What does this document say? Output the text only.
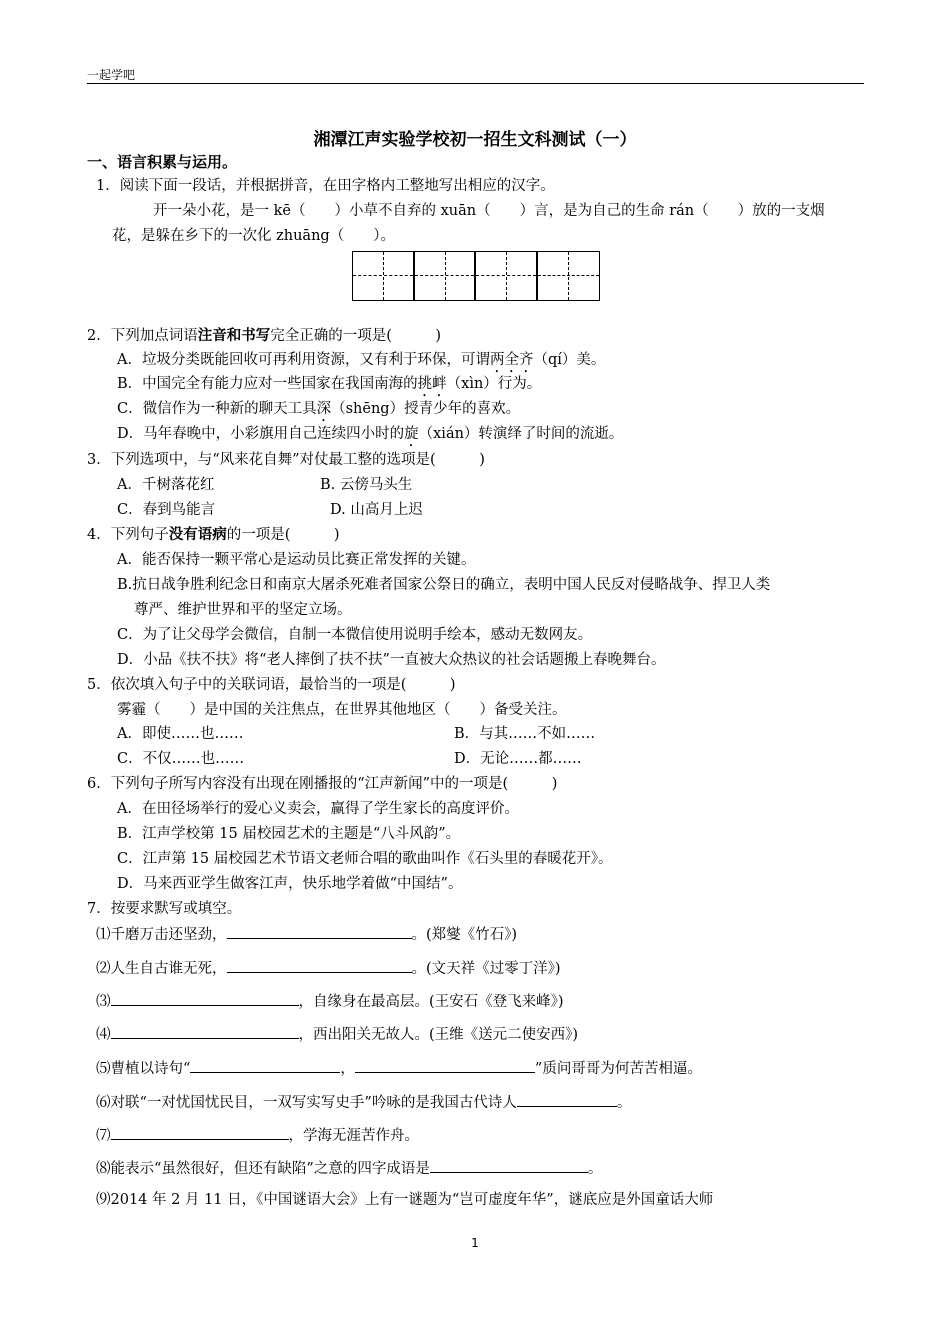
一起学吧
湘潭江声实验学校初一招生文科测试（一）
一、语言积累与运用。
1．阅读下面一段话，并根据拼音，在田字格内工整地写出相应的汉字。
开一朵小花，是一 kē（　　）小草不自弃的 xuān（　　）言，是为自己的生命 rán（　　）放的一支烟
花，是躲在乡下的一次化 zhuāng（　　）。
2．下列加点词语注音和书写完全正确的一项是(　　　)
A．垃圾分类既能回收可再利用资源，又有利于环保，可谓两全齐（qí）美。
B．中国完全有能力应对一些国家在我国南海的挑衅（xìn）行为。
C．微信作为一种新的聊天工具深（shēng）授青少年的喜欢。
D．马年春晚中，小彩旗用自己连续四小时的旋（xián）转演绎了时间的流逝。
3．下列选项中，与“风来花自舞”对仗最工整的选项是(　　　)
A．千树落花红	B. 云傍马头生
C．春到鸟能言	D. 山高月上迟
4．下列句子没有语病的一项是(　　　)
A．能否保持一颗平常心是运动员比赛正常发挥的关键。
B.抗日战争胜利纪念日和南京大屠杀死难者国家公祭日的确立，表明中国人民反对侵略战争、捍卫人类
尊严、维护世界和平的坚定立场。
C．为了让父母学会微信，自制一本微信使用说明手绘本，感动无数网友。
D．小品《扶不扶》将“老人摔倒了扶不扶”一直被大众热议的社会话题搬上春晚舞台。
5．依次填入句子中的关联词语，最恰当的一项是(　　　)
雾霾（　　）是中国的关注焦点，在世界其他地区（　　）备受关注。
A．即使……也……	B．与其……不如……
C．不仅……也……	D．无论……都……
6．下列句子所写内容没有出现在刚播报的“江声新闻”中的一项是(　　　)
A．在田径场举行的爱心义卖会，赢得了学生家长的高度评价。
B．江声学校第 15 届校园艺术的主题是“八斗风韵”。
C．江声第 15 届校园艺术节语文老师合唱的歌曲叫作《石头里的春暖花开》。
D．马来西亚学生做客江声，快乐地学着做“中国结”。
7．按要求默写或填空。
⑴千磨万击还坚劲，	。(郑燮《竹石》)
⑵人生自古谁无死，	。(文天祥《过零丁洋》)
⑶	，自缘身在最高层。(王安石《登飞来峰》)
⑷	，西出阳关无故人。(王维《送元二使安西》)
⑸曹植以诗句“	，	”质问哥哥为何苦苦相逼。
⑹对联“一对忧国忧民目，一双写实写史手”吟咏的是我国古代诗人	。
⑺	，学海无涯苦作舟。
⑻能表示“虽然很好，但还有缺陷”之意的四字成语是	。
⑼2014 年 2 月 11 日，《中国谜语大会》上有一谜题为“岂可虚度年华”，谜底应是外国童话大师
1
